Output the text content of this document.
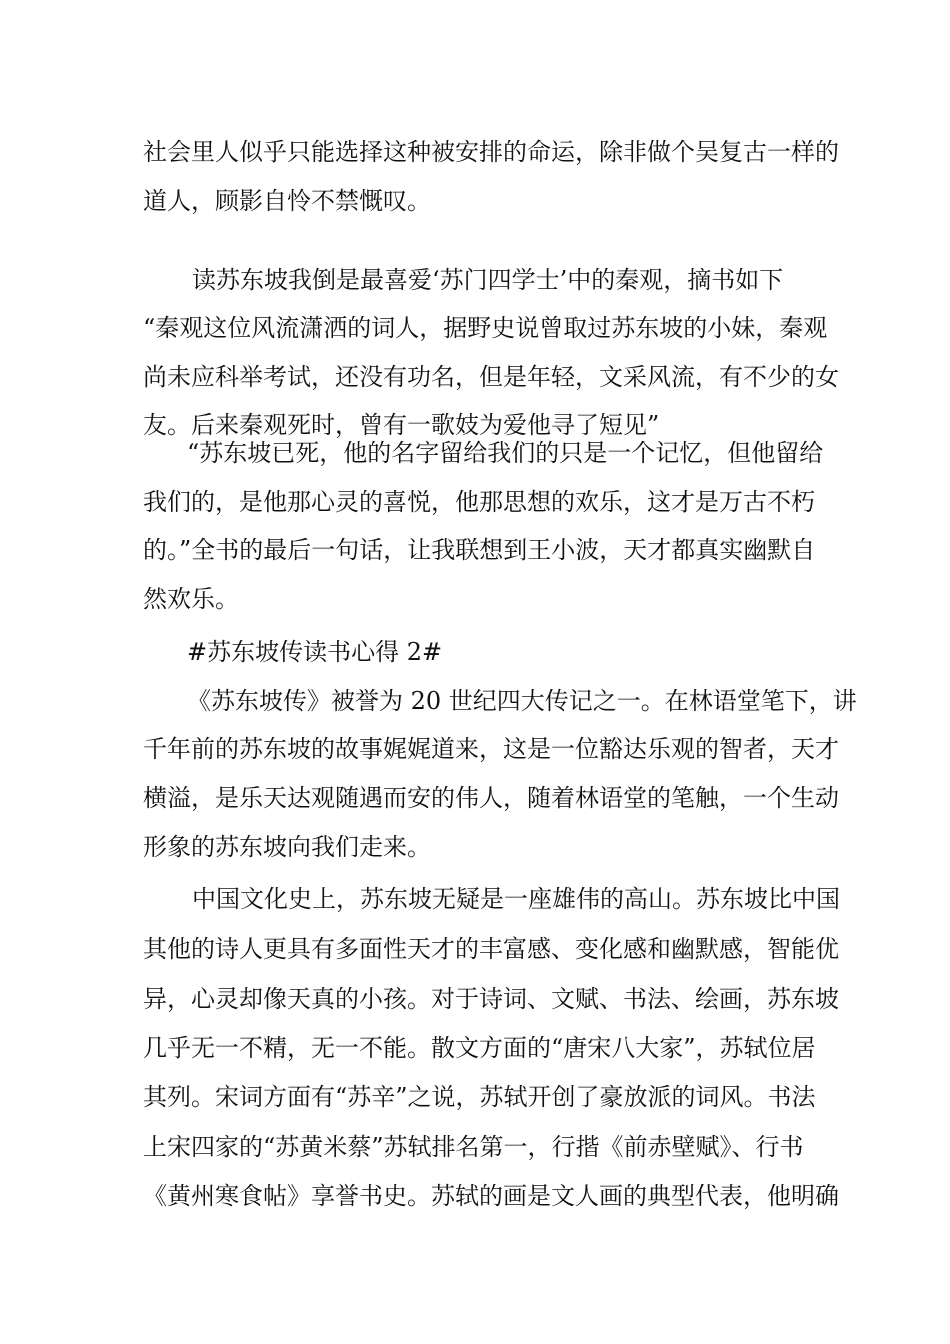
社会里人似乎只能选择这种被安排的命运，除非做个吴复古一样的
道人，顾影自怜不禁慨叹。
读苏东坡我倒是最喜爱‘苏门四学士’中的秦观，摘书如下
“秦观这位风流潇洒的词人，据野史说曾取过苏东坡的小妹，秦观
尚未应科举考试，还没有功名，但是年轻，文采风流，有不少的女
友。后来秦观死时，曾有一歌妓为爱他寻了短见”
“苏东坡已死，他的名字留给我们的只是一个记忆，但他留给
我们的，是他那心灵的喜悦，他那思想的欢乐，这才是万古不朽
的。”全书的最后一句话，让我联想到王小波，天才都真实幽默自
然欢乐。
#苏东坡传读书心得 2#
《苏东坡传》被誉为 20 世纪四大传记之一。在林语堂笔下，讲
千年前的苏东坡的故事娓娓道来，这是一位豁达乐观的智者，天才
横溢，是乐天达观随遇而安的伟人，随着林语堂的笔触，一个生动
形象的苏东坡向我们走来。
中国文化史上，苏东坡无疑是一座雄伟的高山。苏东坡比中国
其他的诗人更具有多面性天才的丰富感、变化感和幽默感，智能优
异，心灵却像天真的小孩。对于诗词、文赋、书法、绘画，苏东坡
几乎无一不精，无一不能。散文方面的“唐宋八大家”，苏轼位居
其列。宋词方面有“苏辛”之说，苏轼开创了豪放派的词风。书法
上宋四家的“苏黄米蔡”苏轼排名第一，行揩《前赤壁赋》、行书
《黄州寒食帖》享誉书史。苏轼的画是文人画的典型代表，他明确
